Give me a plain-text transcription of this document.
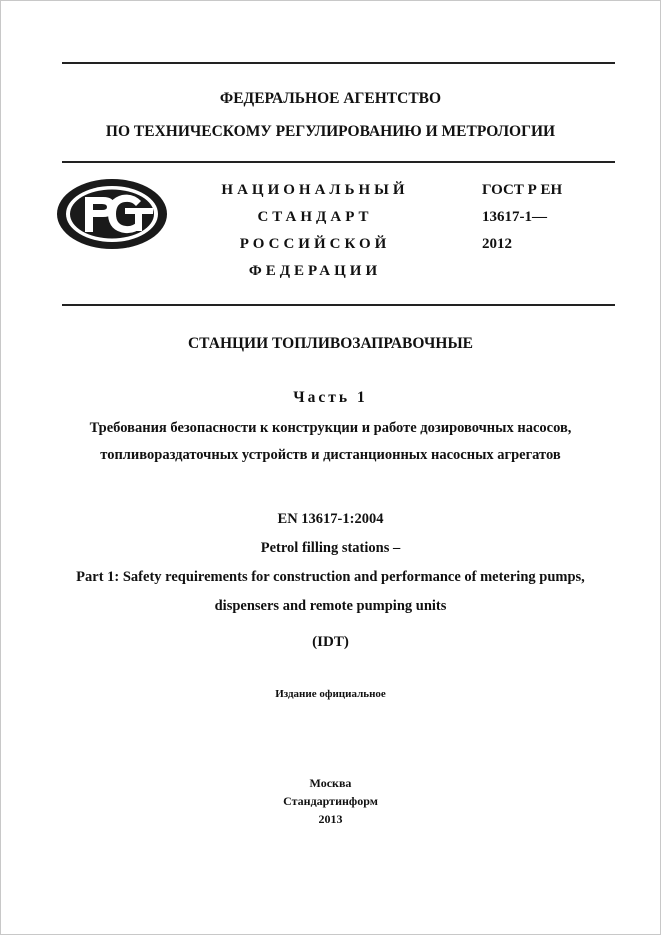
ФЕДЕРАЛЬНОЕ АГЕНТСТВО
ПО ТЕХНИЧЕСКОМУ РЕГУЛИРОВАНИЮ И МЕТРОЛОГИИ
НАЦИОНАЛЬНЫЙ
СТАНДАРТ
РОССИЙСКОЙ
ФЕДЕРАЦИИ
ГОСТ Р ЕН
13617-1—
2012
СТАНЦИИ ТОПЛИВОЗАПРАВОЧНЫЕ
Часть 1
Требования безопасности к конструкции и работе дозировочных насосов,
топливораздаточных устройств и дистанционных насосных агрегатов
EN 13617-1:2004
Petrol filling stations –
Part 1: Safety requirements for construction and performance of metering pumps,
dispensers and remote pumping units
(IDT)
Издание официальное
Москва
Стандартинформ
2013
